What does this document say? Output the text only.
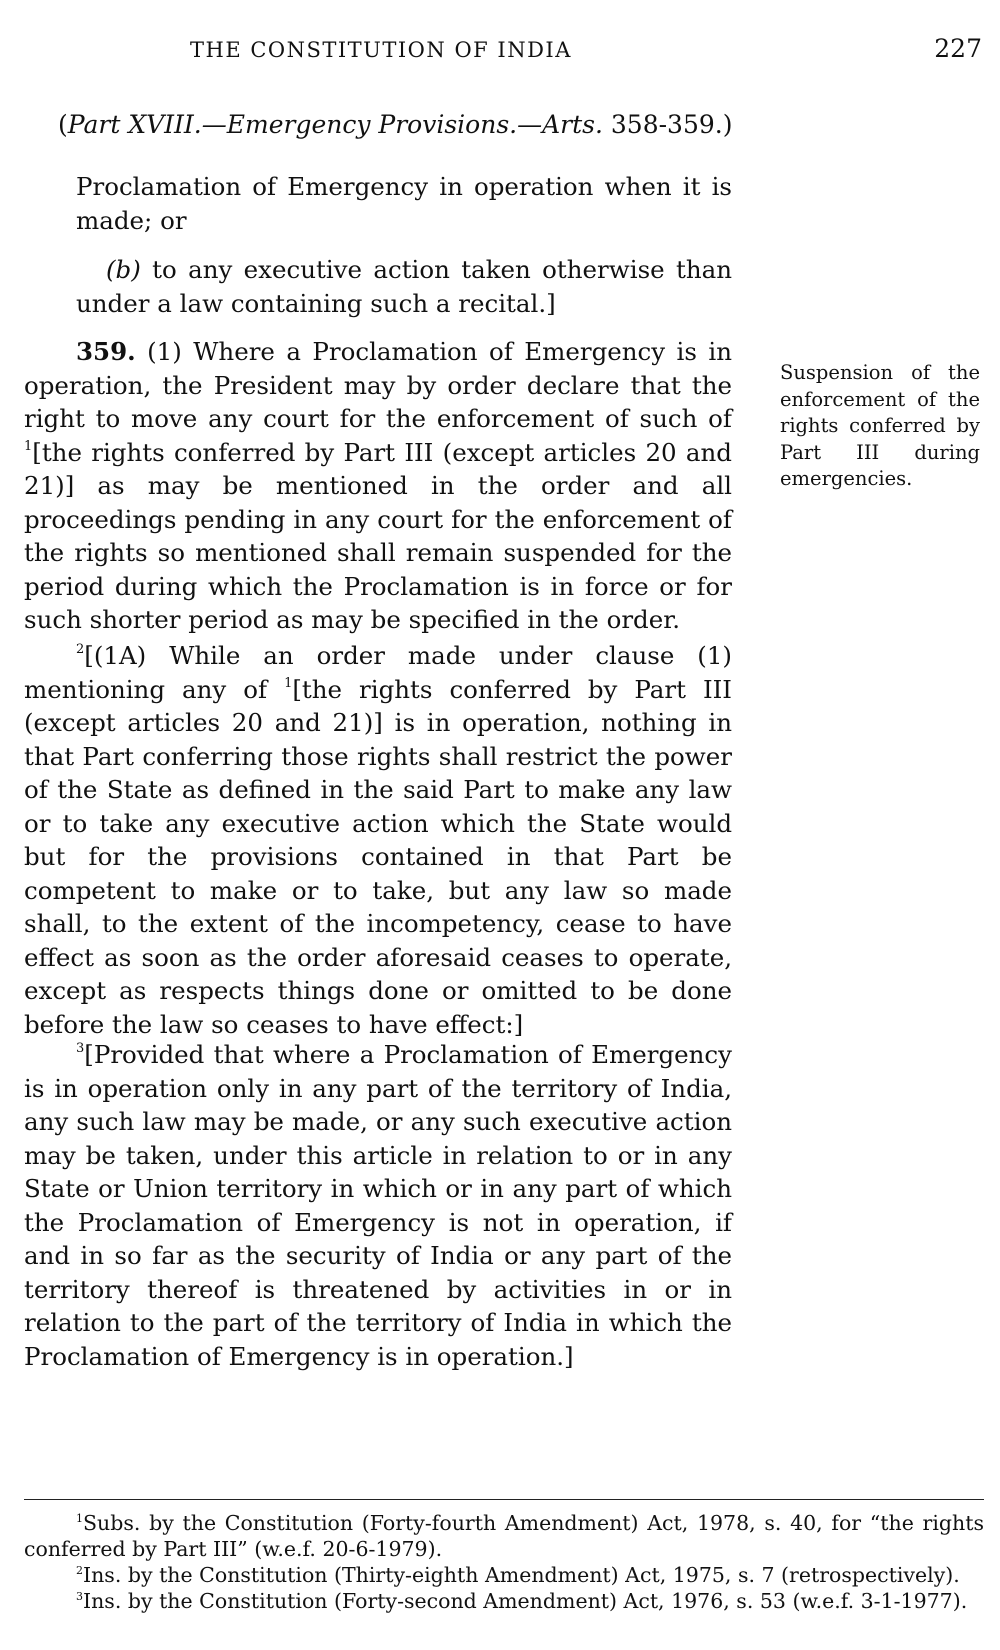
THE CONSTITUTION OF INDIA	227
(Part XVIII.—Emergency Provisions.—Arts. 358-359.)
Proclamation of Emergency in operation when it is made; or
(b) to any executive action taken otherwise than under a law containing such a recital.]
359. (1) Where a Proclamation of Emergency is in operation, the President may by order declare that the right to move any court for the enforcement of such of $^1$[the rights conferred by Part III (except articles 20 and 21)] as may be mentioned in the order and all proceedings pending in any court for the enforcement of the rights so mentioned shall remain suspended for the period during which the Proclamation is in force or for such shorter period as may be specified in the order.
Suspension of the enforcement of the rights conferred by Part III during emergencies.
$^2$[(1A) While an order made under clause (1) mentioning any of $^1$[the rights conferred by Part III (except articles 20 and 21)] is in operation, nothing in that Part conferring those rights shall restrict the power of the State as defined in the said Part to make any law or to take any executive action which the State would but for the provisions contained in that Part be competent to make or to take, but any law so made shall, to the extent of the incompetency, cease to have effect as soon as the order aforesaid ceases to operate, except as respects things done or omitted to be done before the law so ceases to have effect:]
$^3$[Provided that where a Proclamation of Emergency is in operation only in any part of the territory of India, any such law may be made, or any such executive action may be taken, under this article in relation to or in any State or Union territory in which or in any part of which the Proclamation of Emergency is not in operation, if and in so far as the security of India or any part of the territory thereof is threatened by activities in or in relation to the part of the territory of India in which the Proclamation of Emergency is in operation.]

$^1$Subs. by the Constitution (Forty-fourth Amendment) Act, 1978, s. 40, for “the rights conferred by Part III” (w.e.f. 20-6-1979).

$^2$Ins. by the Constitution (Thirty-eighth Amendment) Act, 1975, s. 7 (retrospectively).

$^3$Ins. by the Constitution (Forty-second Amendment) Act, 1976, s. 53 (w.e.f. 3-1-1977).
